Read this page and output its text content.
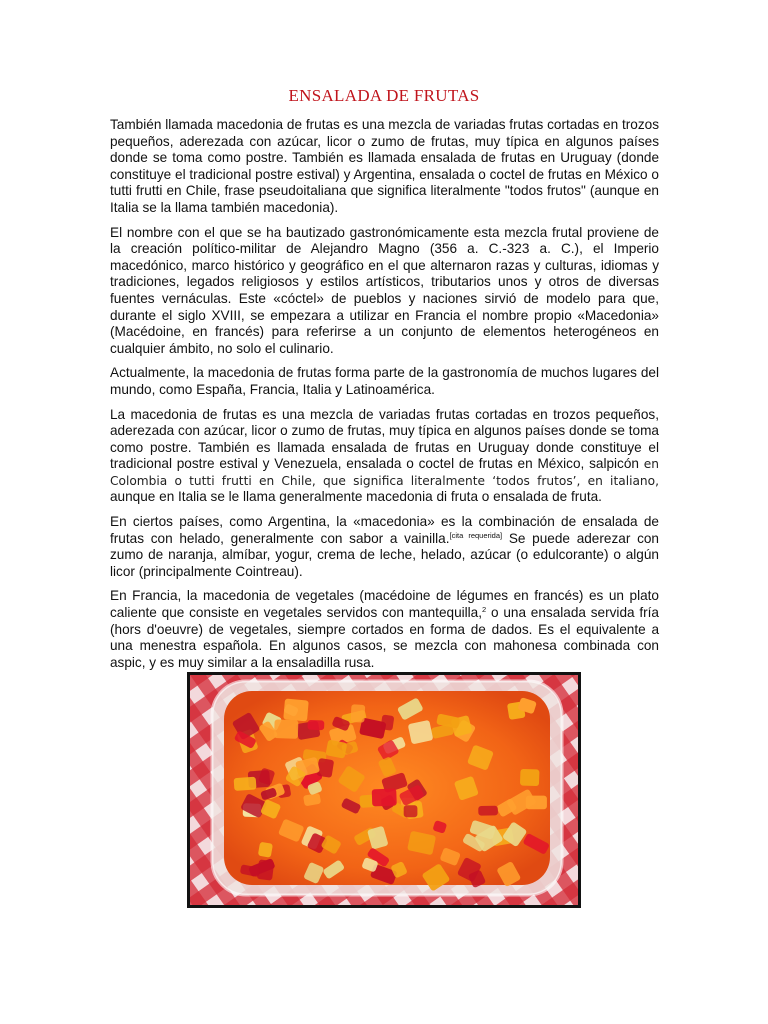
ENSALADA DE FRUTAS

También llamada macedonia de frutas es una mezcla de variadas frutas cortadas en trozos pequeños, aderezada con azúcar, licor o zumo de frutas, muy típica en algunos países donde se toma como postre. También es llamada ensalada de frutas en Uruguay (donde constituye el tradicional postre estival) y Argentina, ensalada o coctel de frutas en México o tutti frutti en Chile, frase pseudoitaliana que significa literalmente "todos frutos" (aunque en Italia se la llama también macedonia).

El nombre con el que se ha bautizado gastronómicamente esta mezcla frutal proviene de la creación político-militar de Alejandro Magno (356 a. C.-323 a. C.), el Imperio macedónico, marco histórico y geográfico en el que alternaron razas y culturas, idiomas y tradiciones, legados religiosos y estilos artísticos, tributarios unos y otros de diversas fuentes vernáculas. Este «cóctel» de pueblos y naciones sirvió de modelo para que, durante el siglo XVIII, se empezara a utilizar en Francia el nombre propio «Macedonia» (Macédoine, en francés) para referirse a un conjunto de elementos heterogéneos en cualquier ámbito, no solo el culinario.

Actualmente, la macedonia de frutas forma parte de la gastronomía de muchos lugares del mundo, como España, Francia, Italia y Latinoamérica.

La macedonia de frutas es una mezcla de variadas frutas cortadas en trozos pequeños, aderezada con azúcar, licor o zumo de frutas, muy típica en algunos países donde se toma como postre. También es llamada ensalada de frutas en Uruguay donde constituye el tradicional postre estival y Venezuela, ensalada o coctel de frutas en México, salpicón en Colombia o tutti frutti en Chile, que significa literalmente ‘todos frutos’, en italiano, aunque en Italia se le llama generalmente macedonia di fruta o ensalada de fruta.

En ciertos países, como Argentina, la «macedonia» es la combinación de ensalada de frutas con helado, generalmente con sabor a vainilla.[cita requerida] Se puede aderezar con zumo de naranja, almíbar, yogur, crema de leche, helado, azúcar (o edulcorante) o algún licor (principalmente Cointreau).

En Francia, la macedonia de vegetales (macédoine de légumes en francés) es un plato caliente que consiste en vegetales servidos con mantequilla,$^2$ o una ensalada servida fría (hors d'oeuvre) de vegetales, siempre cortados en forma de dados. Es el equivalente a una menestra española. En algunos casos, se mezcla con mahonesa combinada con aspic, y es muy similar a la ensaladilla rusa.
